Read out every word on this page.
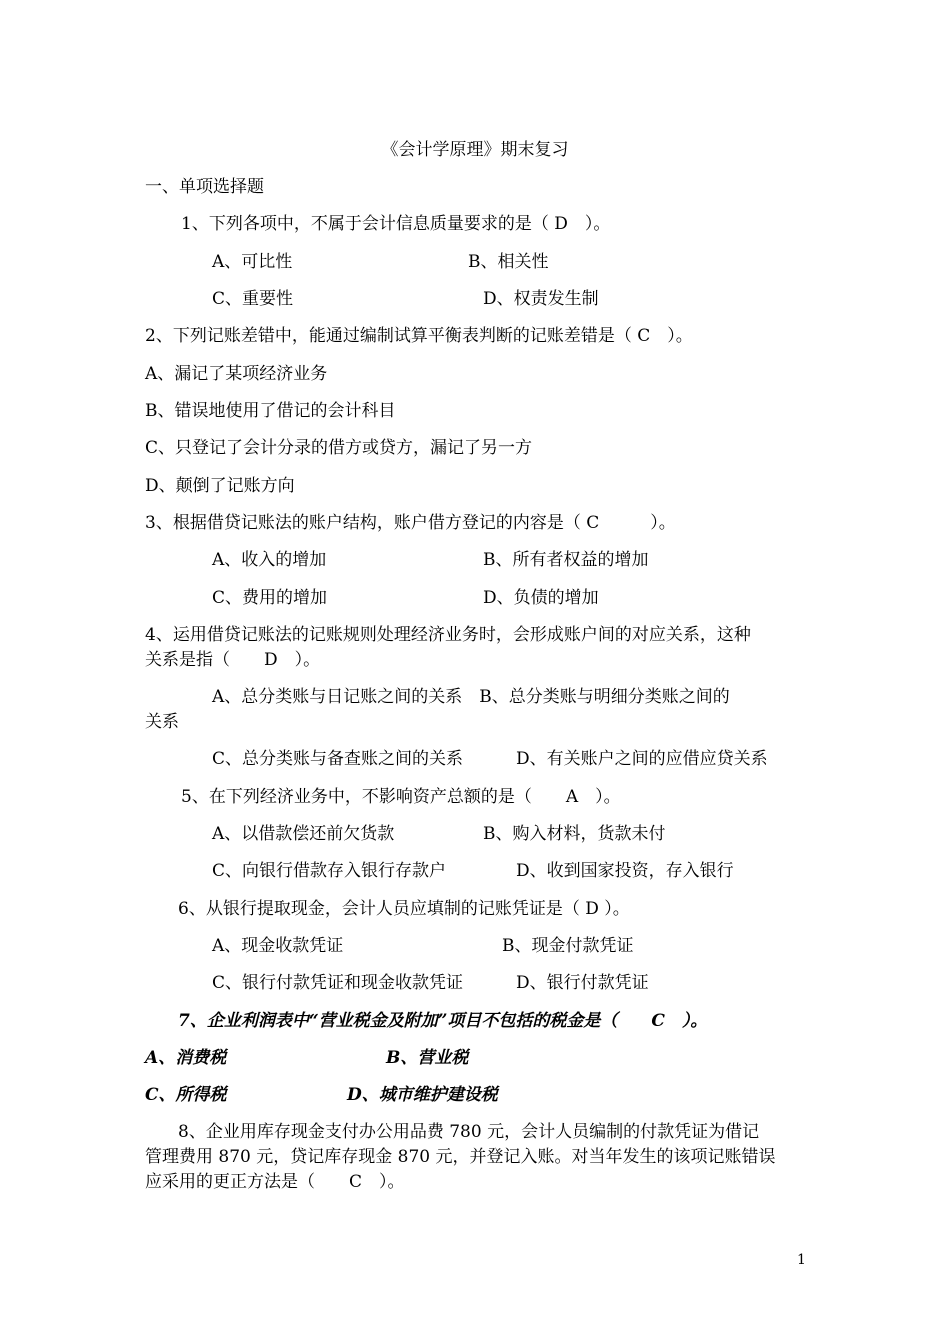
《会计学原理》期末复习
一、单项选择题
1、下列各项中，不属于会计信息质量要求的是（ D　）。
A、可比性	B、相关性
C、重要性	D、权责发生制
2、下列记账差错中，能通过编制试算平衡表判断的记账差错是（ C　）。
A、漏记了某项经济业务
B、错误地使用了借记的会计科目
C、只登记了会计分录的借方或贷方，漏记了另一方
D、颠倒了记账方向
3、根据借贷记账法的账户结构，账户借方登记的内容是（ C　　　）。
A、收入的增加	B、所有者权益的增加
C、费用的增加	D、负债的增加
4、运用借贷记账法的记账规则处理经济业务时，会形成账户间的对应关系，这种
关系是指（　　D　）。
A、总分类账与日记账之间的关系　B、总分类账与明细分类账之间的
关系
C、总分类账与备查账之间的关系	D、有关账户之间的应借应贷关系
5、在下列经济业务中，不影响资产总额的是（　　A　）。
A、以借款偿还前欠货款	B、购入材料，货款未付
C、向银行借款存入银行存款户	D、收到国家投资，存入银行
6、从银行提取现金，会计人员应填制的记账凭证是（ D ）。
A、现金收款凭证	B、现金付款凭证
C、银行付款凭证和现金收款凭证	D、银行付款凭证
7、企业利润表中“营业税金及附加”项目不包括的税金是（　　C　）。
A、消费税	B、营业税
C、所得税	D、城市维护建设税
8、企业用库存现金支付办公用品费 780 元，会计人员编制的付款凭证为借记
管理费用 870 元，贷记库存现金 870 元，并登记入账。对当年发生的该项记账错误
应采用的更正方法是（　　C　）。
1
